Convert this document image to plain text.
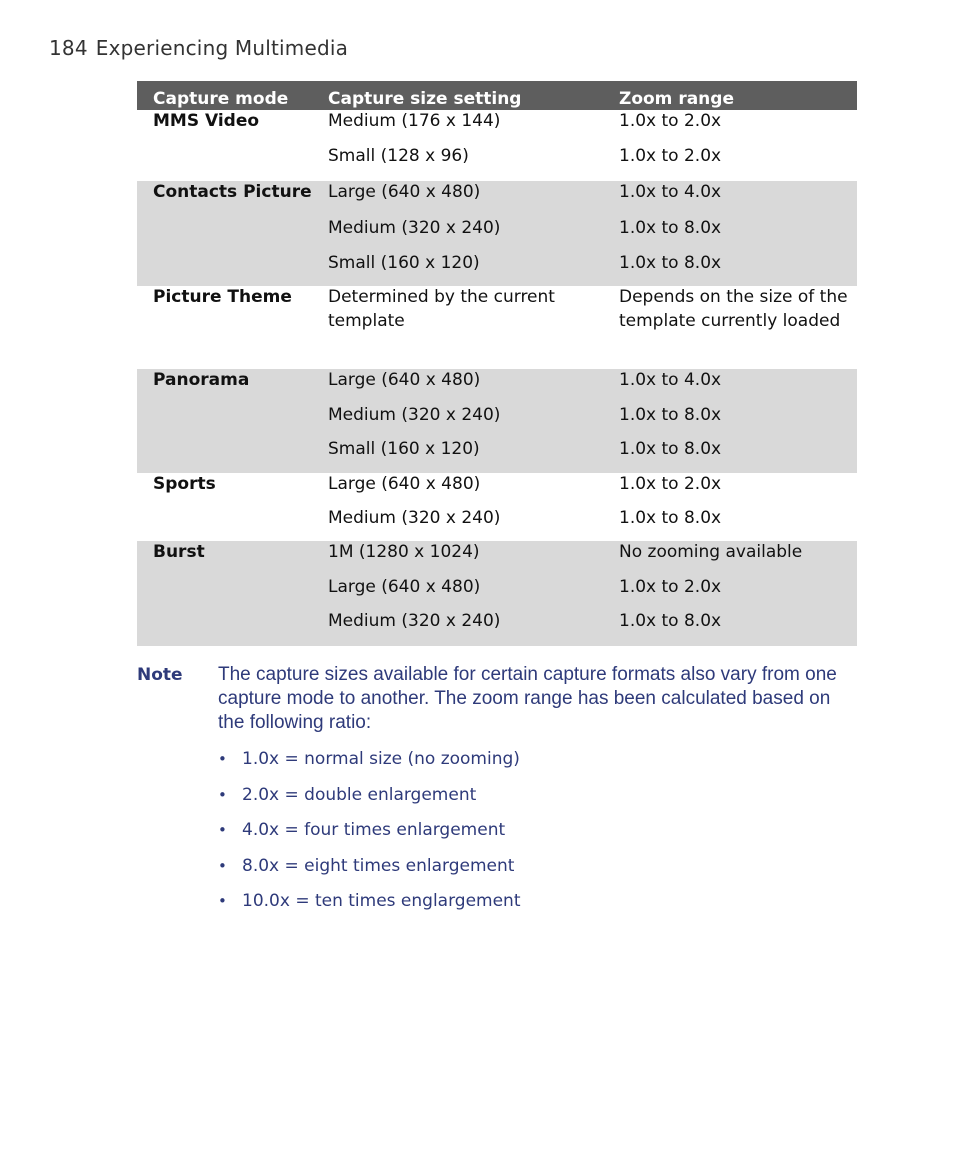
184 Experiencing Multimedia
Capture mode	Capture size setting	Zoom range
MMS Video	Medium (176 x 144)	1.0x to 2.0x
	Small (128 x 96)	1.0x to 2.0x
Contacts Picture	Large (640 x 480)	1.0x to 4.0x
	Medium (320 x 240)	1.0x to 8.0x
	Small (160 x 120)	1.0x to 8.0x
Picture Theme	Determined by the current template	Depends on the size of the template currently loaded
Panorama	Large (640 x 480)	1.0x to 4.0x
	Medium (320 x 240)	1.0x to 8.0x
	Small (160 x 120)	1.0x to 8.0x
Sports	Large (640 x 480)	1.0x to 2.0x
	Medium (320 x 240)	1.0x to 8.0x
Burst	1M (1280 x 1024)	No zooming available
	Large (640 x 480)	1.0x to 2.0x
	Medium (320 x 240)	1.0x to 8.0x
Note The capture sizes available for certain capture formats also vary from one capture mode to another. The zoom range has been calculated based on the following ratio:
• 1.0x = normal size (no zooming)
• 2.0x = double enlargement
• 4.0x = four times enlargement
• 8.0x = eight times enlargement
• 10.0x = ten times englargement
